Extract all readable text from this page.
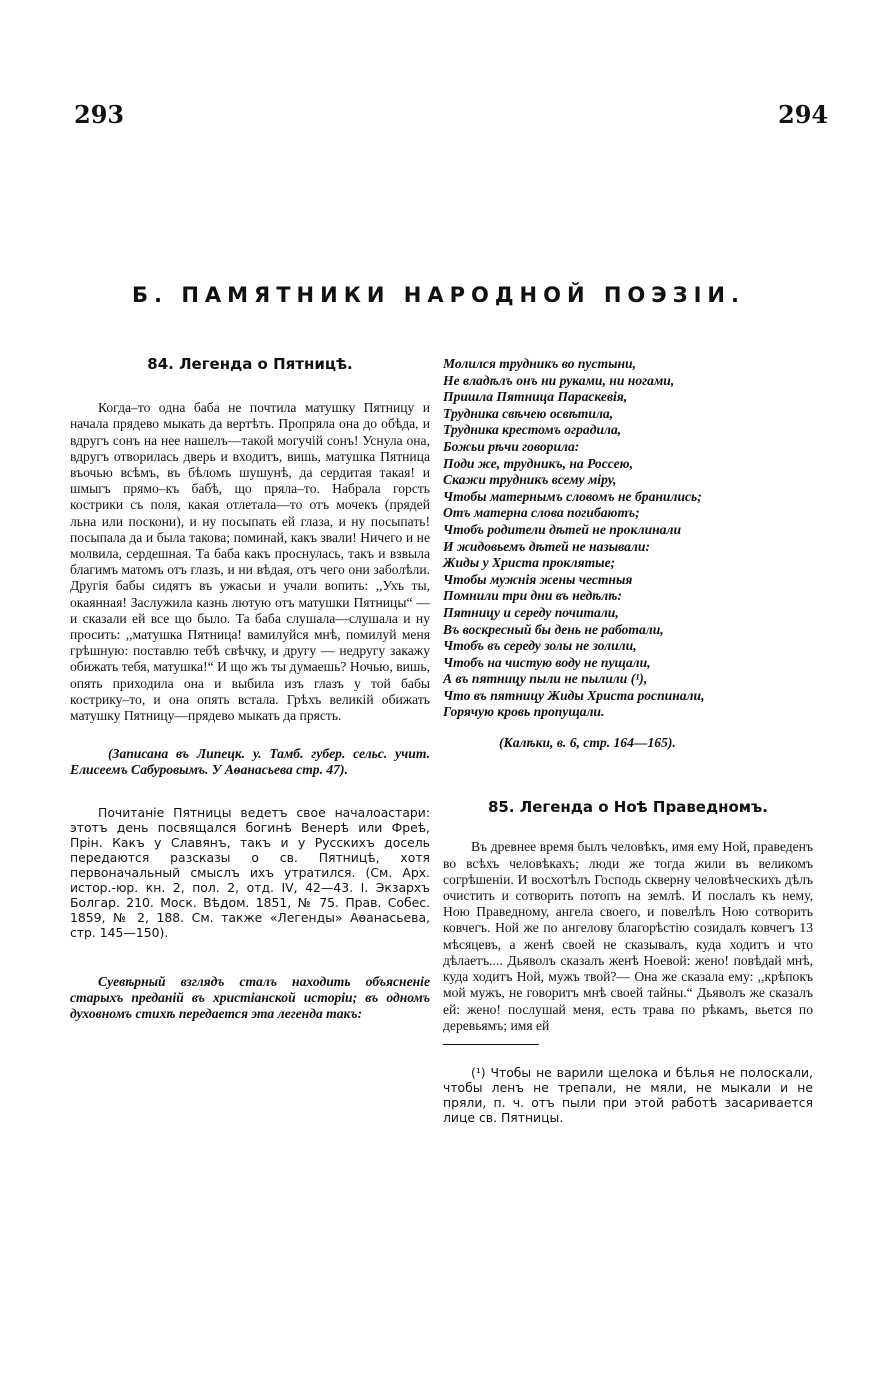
293	294
Б. ПАМЯТНИКИ НАРОДНОЙ ПОЭЗІИ.
84. Легенда о Пятницѣ.

Когда–то одна баба не почтила матушку Пятницу и начала прядево мыкать да вертѣть. Пропряла она до обѣда, и вдругъ сонъ на нее нашелъ—такой могучій сонъ! Уснула она, вдругъ отворилась дверь и входитъ, вишь, матушка Пятница въочью всѣмъ, въ бѣломъ шушунѣ, да сердитая такая! и шмыгъ прямо–къ бабѣ, що пряла–то. Набрала горсть кострики съ поля, какая отлетала—то отъ мочекъ (прядей льна или поскони), и ну посыпать ей глаза, и ну посыпать! посыпала да и была такова; поминай, какъ звали! Ничего и не молвила, сердешная. Та баба какъ проснулась, такъ и взвыла благимъ матомъ отъ глазъ, и ни вѣдая, отъ чего они заболѣли. Другія бабы сидятъ въ ужасьи и учали вопить: ,,Ухъ ты, окаянная! Заслужила казнь лютую отъ матушки Пятницы“ — и сказали ей все що было. Та баба слушала—слушала и ну просить: ,,матушка Пятница! вамилуйся мнѣ, помилуй меня грѣшную: поставлю тебѣ свѣчку, и другу — недругу закажу обижать тебя, матушка!“ И що жъ ты думаешь? Ночью, вишь, опять приходила она и выбила изъ глазъ у той бабы кострику–то, и она опять встала. Грѣхъ великій обижать матушку Пятницу—прядево мыкать да прясть.

(Записана въ Липецк. у. Тамб. губер. сельс. учит. Елисеемъ Сабуровымъ. У Аѳанасьева стр. 47).

Почитаніе Пятницы ведетъ свое началоастари: этотъ день посвящался богинѣ Венерѣ или Фреѣ, Прін. Какъ у Славянъ, такъ и у Русскихъ досель передаются разсказы о св. Пятницѣ, хотя первоначальный смыслъ ихъ утратился. (См. Арх. истор.-юр. кн. 2, пол. 2, отд. IV, 42—43. I. Экзархъ Болгар. 210. Моск. Вѣдом. 1851, № 75. Прав. Собес. 1859, № 2, 188. См. также «Легенды» Аѳанасьева, стр. 145—150).

Суевѣрный взглядъ сталъ находить объясненіе старыхъ преданій въ христіанской исторіи; въ одномъ духовномъ стихѣ передается эта легенда такъ:

Молился трудникъ во пустыни,
Не владѣлъ онъ ни руками, ни ногами,
Пришла Пятница Параскевія,
Трудника свѣчею освѣтила,
Трудника крестомъ оградила,
Божьи рѣчи говорила:
Поди же, трудникъ, на Россею,
Скажи трудникъ всему міру,
Чтобы матернымъ словомъ не бранились;
Отъ матерна слова погибаютъ;
Чтобъ родители дѣтей не проклинали
И жидовьемъ дѣтей не называли:
Жиды у Христа проклятые;
Чтобы мужнія жены честныя
Помнили три дни въ недѣлѣ:
Пятницу и середу почитали,
Въ воскресный бы день не работали,
Чтобъ въ середу золы не золили,
Чтобъ на чистую воду не пущали,
А въ пятницу пыли не пылили (¹),
Что въ пятницу Жиды Христа роспинали,
Горячую кровь пропущали.
(Калѣки, в. 6, стр. 164—165).
85. Легенда о Ноѣ Праведномъ.

Въ древнее время былъ человѣкъ, имя ему Ной, праведенъ во всѣхъ человѣкахъ; люди же тогда жили въ великомъ согрѣшеніи. И восхотѣлъ Господь скверну человѣческихъ дѣлъ очистить и сотворить потопъ на землѣ. И послалъ къ нему, Ною Праведному, ангела своего, и повелѣлъ Ною сотворить ковчегъ. Ной же по ангелову благорѣстію созидалъ ковчегъ 13 мѣсяцевъ, а женѣ своей не сказывалъ, куда ходитъ и что дѣлаетъ.... Дьяволъ сказалъ женѣ Ноевой: жено! повѣдай мнѣ, куда ходитъ Ной, мужъ твой?— Она же сказала ему: ,,крѣпокъ мой мужъ, не говоритъ мнѣ своей тайны.“ Дьяволъ же сказалъ ей: жено! послушай меня, есть трава по рѣкамъ, вьется по деревьямъ; имя ей

(¹) Чтобы не варили щелока и бѣлья не полоскали, чтобы ленъ не трепали, не мяли, не мыкали и не пряли, п. ч. отъ пыли при этой работѣ засаривается лице св. Пятницы.
